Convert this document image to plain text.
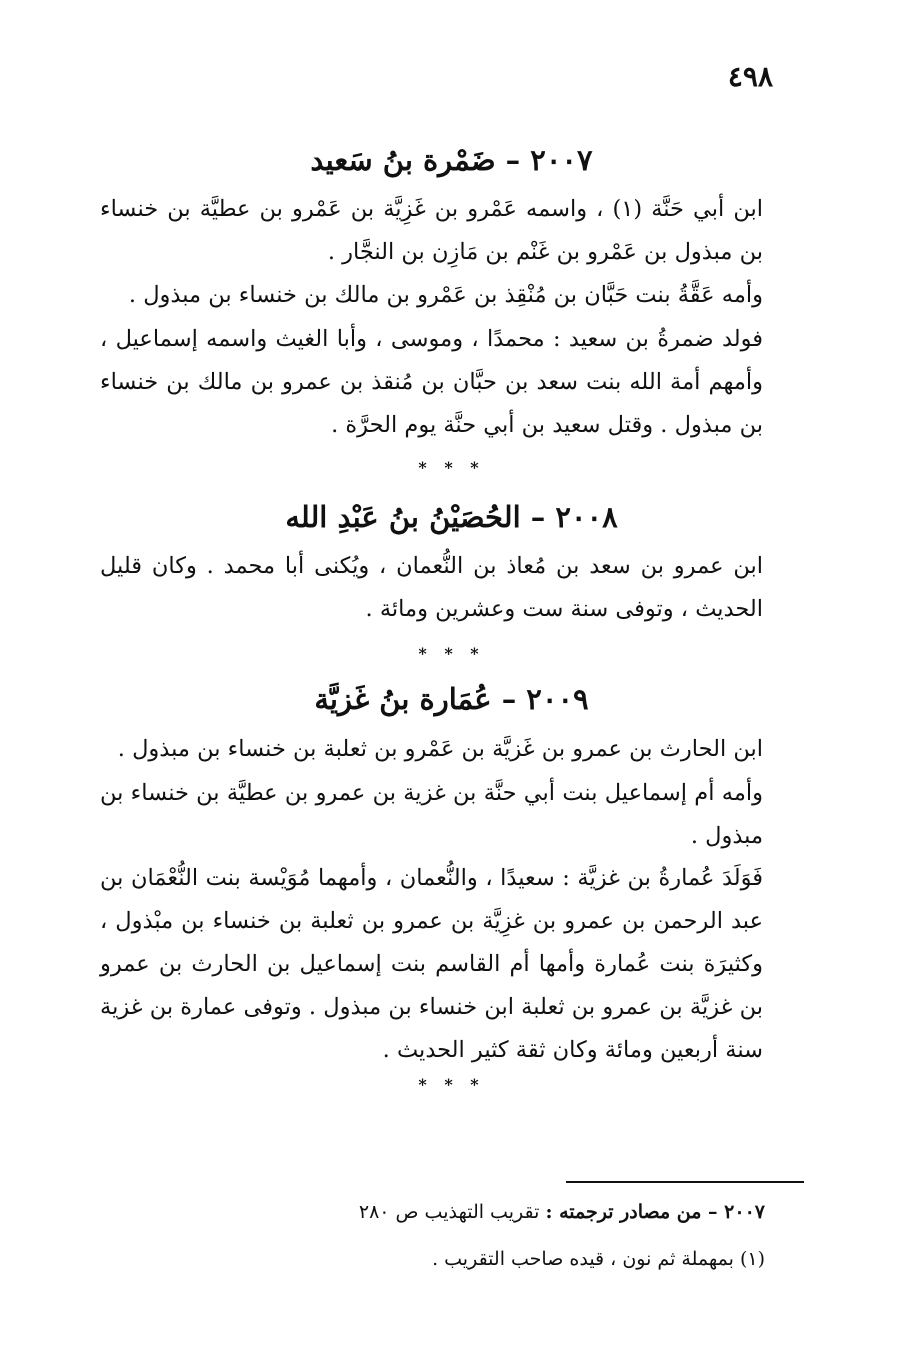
٤٩٨
٢٠٠٧ – ضَمْرة بنُ سَعيد
ابن أبي حَنَّة (١) ، واسمه عَمْرو بن غَزِيَّة بن عَمْرو بن عطيَّة بن خنساء بن مبذول بن عَمْرو بن غَنْم بن مَازِن بن النجَّار .
وأمه عَقَّةُ بنت حَبَّان بن مُنْقِذ بن عَمْرو بن مالك بن خنساء بن مبذول .
فولد ضمرةُ بن سعيد : محمدًا ، وموسى ، وأبا الغيث واسمه إسماعيل ، وأمهم أمة الله بنت سعد بن حبَّان بن مُنقذ بن عمرو بن مالك بن خنساء بن مبذول . وقتل سعيد بن أبي حنَّة يوم الحرَّة .
* * *
٢٠٠٨ – الحُصَيْنُ بنُ عَبْدِ الله
ابن عمرو بن سعد بن مُعاذ بن النُّعمان ، ويُكنى أبا محمد . وكان قليل الحديث ، وتوفى سنة ست وعشرين ومائة .
* * *
٢٠٠٩ – عُمَارة بنُ غَزيَّة
ابن الحارث بن عمرو بن غَزيَّة بن عَمْرو بن ثعلبة بن خنساء بن مبذول .
وأمه أم إسماعيل بنت أبي حنَّة بن غزية بن عمرو بن عطيَّة بن خنساء بن مبذول .
فَوَلَدَ عُمارةُ بن غزيَّة : سعيدًا ، والنُّعمان ، وأمهما مُوَيْسة بنت النُّعْمَان بن عبد الرحمن بن عمرو بن غزِيَّة بن عمرو بن ثعلبة بن خنساء بن مبْذول ، وكثيرَة بنت عُمارة وأمها أم القاسم بنت إسماعيل بن الحارث بن عمرو بن غزيَّة بن عمرو بن ثعلبة ابن خنساء بن مبذول . وتوفى عمارة بن غزية سنة أربعين ومائة وكان ثقة كثير الحديث .
* * *
٢٠٠٧ – من مصادر ترجمته : تقريب التهذيب ص ٢٨٠
(١) بمهملة ثم نون ، قيده صاحب التقريب .
